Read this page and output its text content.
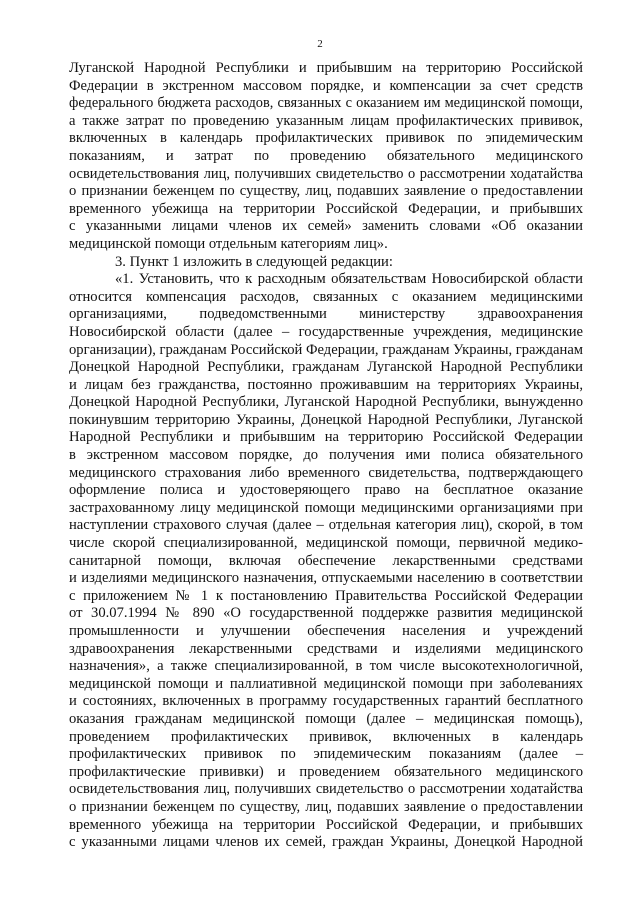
2
Луганской Народной Республики и прибывшим на территорию Российской
Федерации в экстренном массовом порядке, и компенсации за счет средств
федерального бюджета расходов, связанных с оказанием им медицинской помощи,
а также затрат по проведению указанным лицам профилактических прививок,
включенных в календарь профилактических прививок по эпидемическим
показаниям, и затрат по проведению обязательного медицинского
освидетельствования лиц, получивших свидетельство о рассмотрении ходатайства
о признании беженцем по существу, лиц, подавших заявление о предоставлении
временного убежища на территории Российской Федерации, и прибывших
с указанными лицами членов их семей» заменить словами «Об оказании
медицинской помощи отдельным категориям лиц».
3. Пункт 1 изложить в следующей редакции:
«1. Установить, что к расходным обязательствам Новосибирской области
относится компенсация расходов, связанных с оказанием медицинскими
организациями, подведомственными министерству здравоохранения
Новосибирской области (далее – государственные учреждения, медицинские
организации), гражданам Российской Федерации, гражданам Украины, гражданам
Донецкой Народной Республики, гражданам Луганской Народной Республики
и лицам без гражданства, постоянно проживавшим на территориях Украины,
Донецкой Народной Республики, Луганской Народной Республики, вынужденно
покинувшим территорию Украины, Донецкой Народной Республики, Луганской
Народной Республики и прибывшим на территорию Российской Федерации
в экстренном массовом порядке, до получения ими полиса обязательного
медицинского страхования либо временного свидетельства, подтверждающего
оформление полиса и удостоверяющего право на бесплатное оказание
застрахованному лицу медицинской помощи медицинскими организациями при
наступлении страхового случая (далее – отдельная категория лиц), скорой, в том
числе скорой специализированной, медицинской помощи, первичной медико-
санитарной помощи, включая обеспечение лекарственными средствами
и изделиями медицинского назначения, отпускаемыми населению в соответствии
с приложением № 1 к постановлению Правительства Российской Федерации
от 30.07.1994 № 890 «О государственной поддержке развития медицинской
промышленности и улучшении обеспечения населения и учреждений
здравоохранения лекарственными средствами и изделиями медицинского
назначения», а также специализированной, в том числе высокотехнологичной,
медицинской помощи и паллиативной медицинской помощи при заболеваниях
и состояниях, включенных в программу государственных гарантий бесплатного
оказания гражданам медицинской помощи (далее – медицинская помощь),
проведением профилактических прививок, включенных в календарь
профилактических прививок по эпидемическим показаниям (далее –
профилактические прививки) и проведением обязательного медицинского
освидетельствования лиц, получивших свидетельство о рассмотрении ходатайства
о признании беженцем по существу, лиц, подавших заявление о предоставлении
временного убежища на территории Российской Федерации, и прибывших
с указанными лицами членов их семей, граждан Украины, Донецкой Народной
